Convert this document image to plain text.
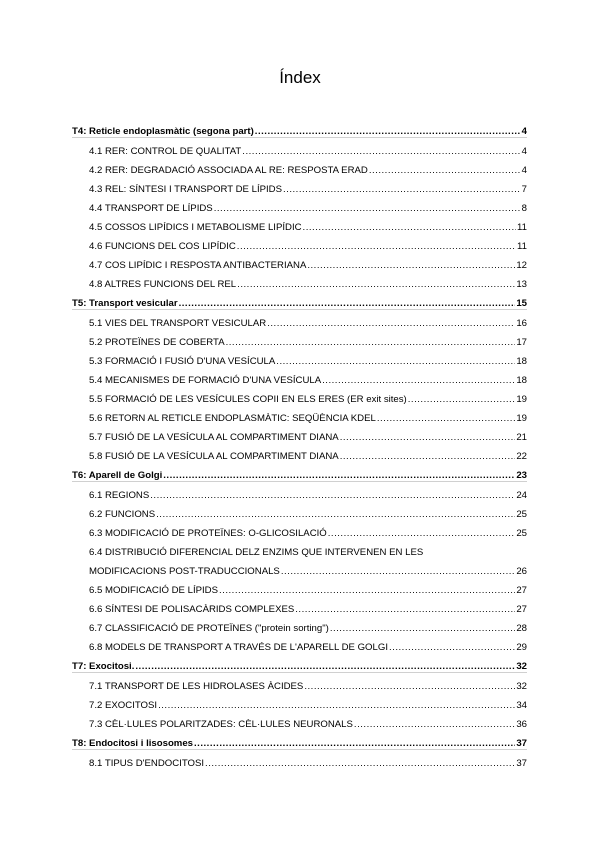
Índex
T4: Reticle endoplasmàtic (segona part) .....	4
4.1 RER: CONTROL DE QUALITAT .....	4
4.2 RER: DEGRADACIÓ ASSOCIADA AL RE: RESPOSTA ERAD .....	4
4.3 REL: SÍNTESI I TRANSPORT DE LÍPIDS .....	7
4.4 TRANSPORT DE LÍPIDS .....	8
4.5 COSSOS LIPÍDICS I METABOLISME LIPÍDIC .....	11
4.6 FUNCIONS DEL COS LIPÍDIC .....	11
4.7 COS LIPÍDIC I RESPOSTA ANTIBACTERIANA .....	12
4.8 ALTRES FUNCIONS DEL REL .....	13
T5: Transport vesicular .....	15
5.1 VIES DEL TRANSPORT VESICULAR .....	16
5.2 PROTEÏNES DE COBERTA .....	17
5.3 FORMACIÓ I FUSIÓ D'UNA VESÍCULA .....	18
5.4 MECANISMES DE FORMACIÓ D'UNA VESÍCULA .....	18
5.5 FORMACIÓ DE LES VESÍCULES COPII EN ELS ERES (ER exit sites) .....	19
5.6 RETORN AL RETICLE ENDOPLASMÀTIC: SEQÜÈNCIA KDEL .....	19
5.7 FUSIÓ DE LA VESÍCULA AL COMPARTIMENT DIANA .....	21
5.8 FUSIÓ DE LA VESÍCULA AL COMPARTIMENT DIANA .....	22
T6: Aparell de Golgi .....	23
6.1 REGIONS .....	24
6.2 FUNCIONS .....	25
6.3 MODIFICACIÓ DE PROTEÏNES: O-GLICOSILACIÓ .....	25
6.4 DISTRIBUCIÓ DIFERENCIAL DELZ ENZIMS QUE INTERVENEN EN LES
MODIFICACIONS POST-TRADUCCIONALS .....	26
6.5 MODIFICACIÓ DE LÍPIDS .....	27
6.6 SÍNTESI DE POLISACÀRIDS COMPLEXES .....	27
6.7 CLASSIFICACIÓ DE PROTEÏNES ("protein sorting") .....	28
6.8 MODELS DE TRANSPORT A TRAVÉS DE L'APARELL DE GOLGI .....	29
T7: Exocitosi. .....	32
7.1 TRANSPORT DE LES HIDROLASES ÀCIDES .....	32
7.2 EXOCITOSI .....	34
7.3 CÈL·LULES POLARITZADES: CÈL·LULES NEURONALS .....	36
T8: Endocitosi i lisosomes .....	37
8.1 TIPUS D'ENDOCITOSI .....	37
